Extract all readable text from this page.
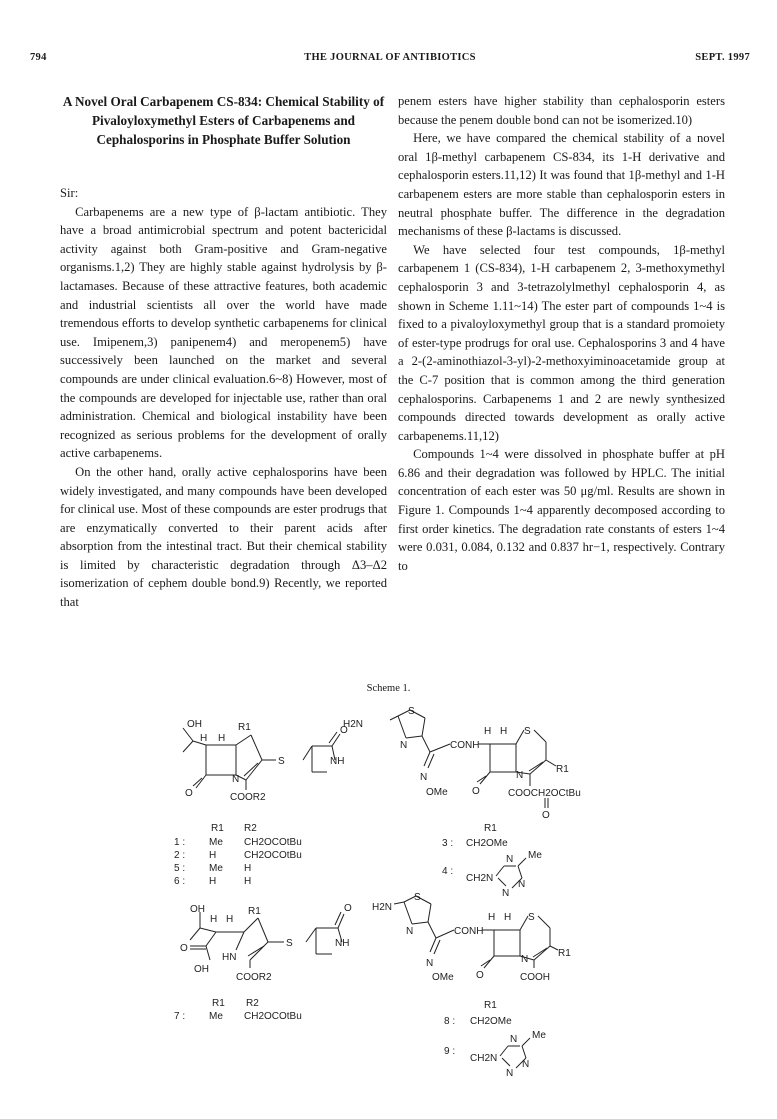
794	THE JOURNAL OF ANTIBIOTICS	SEPT. 1997
A Novel Oral Carbapenem CS-834: Chemical Stability of Pivaloyloxymethyl Esters of Carbapenems and Cephalosporins in Phosphate Buffer Solution

Sir:

Carbapenems are a new type of β-lactam antibiotic. They have a broad antimicrobial spectrum and potent bactericidal activity against both Gram-positive and Gram-negative organisms.1,2) They are highly stable against hydrolysis by β-lactamases. Because of these attractive features, both academic and industrial scientists all over the world have made tremendous efforts to develop synthetic carbapenems for clinical use. Imipenem,3) panipenem4) and meropenem5) have successively been launched on the market and several compounds are under clinical evaluation.6~8) However, most of the compounds are developed for injectable use, rather than oral administration. Chemical and biological instability have been recognized as serious problems for the development of orally active carbapenems.

On the other hand, orally active cephalosporins have been widely investigated, and many compounds have been developed for clinical use. Most of these compounds are ester prodrugs that are enzymatically converted to their parent acids after absorption from the intestinal tract. But their chemical stability is limited by characteristic degradation through Δ3–Δ2 isomerization of cephem double bond.9) Recently, we reported that

penem esters have higher stability than cephalosporin esters because the penem double bond can not be isomerized.10)

Here, we have compared the chemical stability of a novel oral 1β-methyl carbapenem CS-834, its 1-H derivative and cephalosporin esters.11,12) It was found that 1β-methyl and 1-H carbapenem esters are more stable than cephalosporin esters in neutral phosphate buffer. The difference in the degradation mechanisms of these β-lactams is discussed.

We have selected four test compounds, 1β-methyl carbapenem 1 (CS-834), 1-H carbapenem 2, 3-methoxymethyl cephalosporin 3 and 3-tetrazolylmethyl cephalosporin 4, as shown in Scheme 1.11~14) The ester part of compounds 1~4 is fixed to a pivaloyloxymethyl group that is a standard promoiety of ester-type prodrugs for oral use. Cephalosporins 3 and 4 have a 2-(2-aminothiazol-3-yl)-2-methoxyiminoacetamide group at the C-7 position that is common among the third generation cephalosporins. Carbapenems 1 and 2 are newly synthesized compounds directed towards development as orally active carbapenems.11,12)

Compounds 1~4 were dissolved in phosphate buffer at pH 6.86 and their degradation was followed by HPLC. The initial concentration of each ester was 50 μg/ml. Results are shown in Figure 1. Compounds 1~4 apparently decomposed according to first order kinetics. The degradation rate constants of esters 1~4 were 0.031, 0.084, 0.132 and 0.837 hr−1, respectively. Contrary to

Scheme 1.
OH
H H
R1	O
S	NH
N
O	COOR2
R1 R2
1 : Me CH2OCOtBu
2 : H	CH2OCOtBu
5 : Me H
6 : H	H
H2N
S
N	CONH
H H S
N
OMe O
N
R1
COOCH2OCtBu
O
R1
3 : CH2OMe
4 :
CH2N
Me
N
N
N
OH
H H
R1	O
O
HN
S	NH
OH
COOR2
R1 R2
7 : Me CH2OCOtBu
H2N
S
N	CONH
H H S
N
OMe O
N
R1
COOH
R1
8 : CH2OMe
9 :
CH2N
Me
N
N
N
